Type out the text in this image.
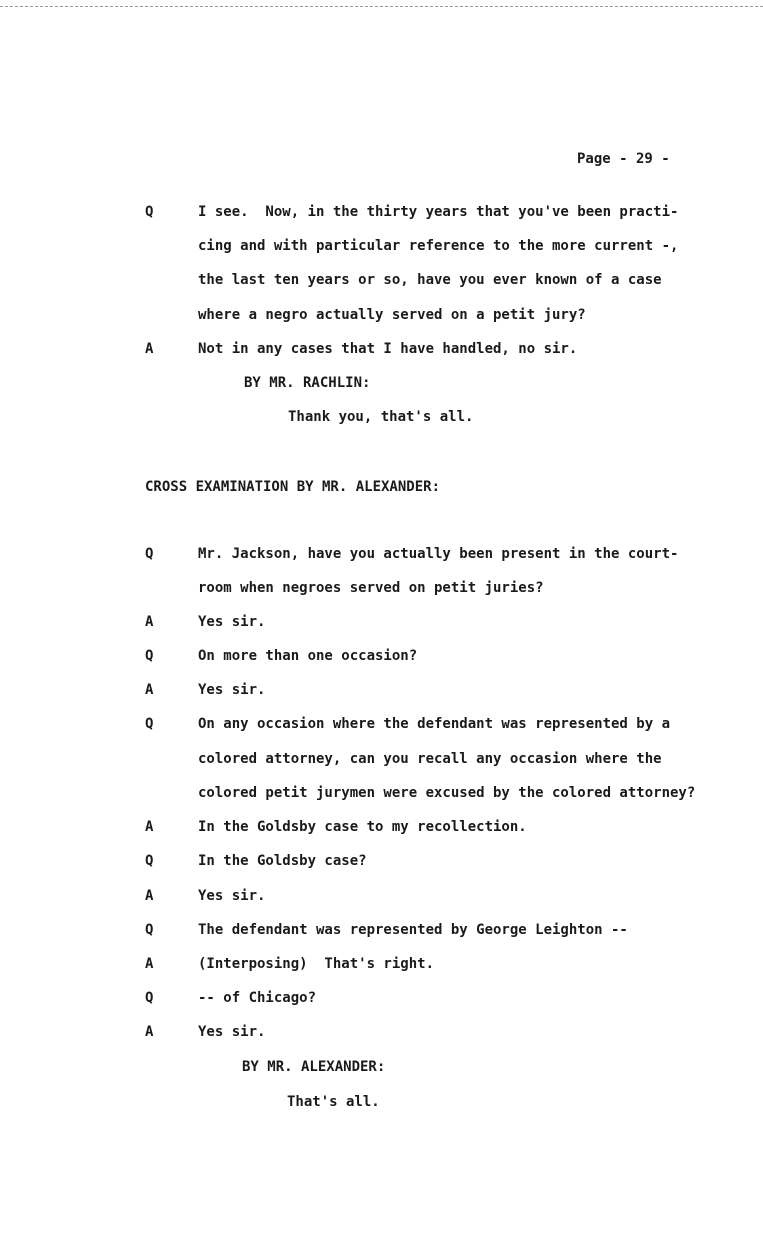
Page - 29 -
Q	I see.  Now, in the thirty years that you've been practi-
cing and with particular reference to the more current -,
the last ten years or so, have you ever known of a case
where a negro actually served on a petit jury?
A	Not in any cases that I have handled, no sir.
BY MR. RACHLIN:
Thank you, that's all.
CROSS EXAMINATION BY MR. ALEXANDER:
Q	Mr. Jackson, have you actually been present in the court-
room when negroes served on petit juries?
A	Yes sir.
Q	On more than one occasion?
A	Yes sir.
Q	On any occasion where the defendant was represented by a
colored attorney, can you recall any occasion where the
colored petit jurymen were excused by the colored attorney?
A	In the Goldsby case to my recollection.
Q	In the Goldsby case?
A	Yes sir.
Q	The defendant was represented by George Leighton --
A	(Interposing)  That's right.
Q	-- of Chicago?
A	Yes sir.
BY MR. ALEXANDER:
That's all.
